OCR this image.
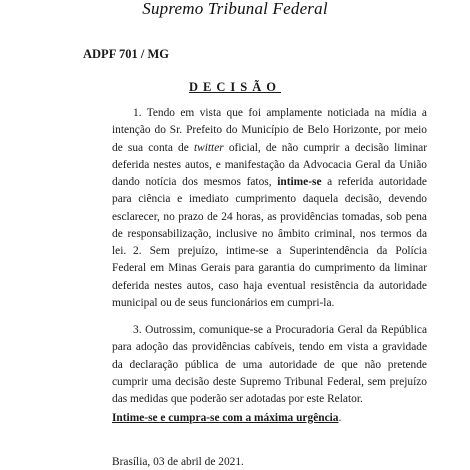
Supremo Tribunal Federal
ADPF 701 / MG
DECISÃO

1. Tendo em vista que foi amplamente noticiada na mídia a intenção do Sr. Prefeito do Município de Belo Horizonte, por meio de sua conta de twitter oficial, de não cumprir a decisão liminar deferida nestes autos, e manifestação da Advocacia Geral da União dando notícia dos mesmos fatos, intime-se a referida autoridade para ciência e imediato cumprimento daquela decisão, devendo esclarecer, no prazo de 24 horas, as providências tomadas, sob pena de responsabilização, inclusive no âmbito criminal, nos termos da lei. 2. Sem prejuízo, intime-se a Superintendência da Polícia Federal em Minas Gerais para garantia do cumprimento da liminar deferida nestes autos, caso haja eventual resistência da autoridade municipal ou de seus funcionários em cumpri-la.

3. Outrossim, comunique-se a Procuradoria Geral da República para adoção das providências cabíveis, tendo em vista a gravidade da declaração pública de uma autoridade de que não pretende cumprir uma decisão deste Supremo Tribunal Federal, sem prejuízo das medidas que poderão ser adotadas por este Relator.

Intime-se e cumpra-se com a máxima urgência.
Brasília, 03 de abril de 2021.
